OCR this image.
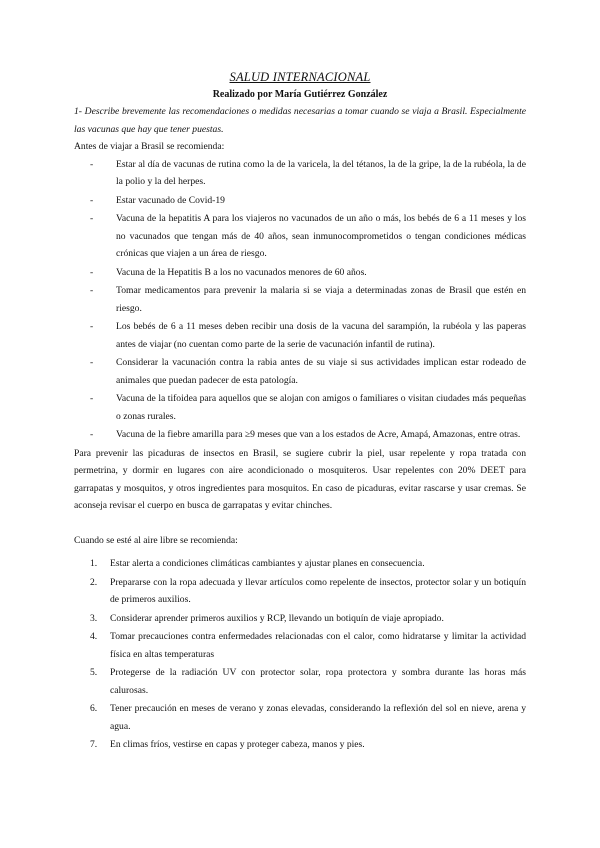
SALUD INTERNACIONAL

Realizado por María Gutiérrez González

1- Describe brevemente las recomendaciones o medidas necesarias a tomar cuando se viaja a Brasil. Especialmente las vacunas que hay que tener puestas.

Antes de viajar a Brasil se recomienda:

- Estar al día de vacunas de rutina como la de la varicela, la del tétanos, la de la gripe, la de la rubéola, la de la polio y la del herpes.
- Estar vacunado de Covid-19
- Vacuna de la hepatitis A para los viajeros no vacunados de un año o más, los bebés de 6 a 11 meses y los no vacunados que tengan más de 40 años, sean inmunocomprometidos o tengan condiciones médicas crónicas que viajen a un área de riesgo.
- Vacuna de la Hepatitis B a los no vacunados menores de 60 años.
- Tomar medicamentos para prevenir la malaria si se viaja a determinadas zonas de Brasil que estén en riesgo.
- Los bebés de 6 a 11 meses deben recibir una dosis de la vacuna del sarampión, la rubéola y las paperas antes de viajar (no cuentan como parte de la serie de vacunación infantil de rutina).
- Considerar la vacunación contra la rabia antes de su viaje si sus actividades implican estar rodeado de animales que puedan padecer de esta patología.
- Vacuna de la tifoidea para aquellos que se alojan con amigos o familiares o visitan ciudades más pequeñas o zonas rurales.
- Vacuna de la fiebre amarilla para ≥9 meses que van a los estados de Acre, Amapá, Amazonas, entre otras.

Para prevenir las picaduras de insectos en Brasil, se sugiere cubrir la piel, usar repelente y ropa tratada con permetrina, y dormir en lugares con aire acondicionado o mosquiteros. Usar repelentes con 20% DEET para garrapatas y mosquitos, y otros ingredientes para mosquitos. En caso de picaduras, evitar rascarse y usar cremas. Se aconseja revisar el cuerpo en busca de garrapatas y evitar chinches.

Cuando se esté al aire libre se recomienda:

1. Estar alerta a condiciones climáticas cambiantes y ajustar planes en consecuencia.
2. Prepararse con la ropa adecuada y llevar artículos como repelente de insectos, protector solar y un botiquín de primeros auxilios.
3. Considerar aprender primeros auxilios y RCP, llevando un botiquín de viaje apropiado.
4. Tomar precauciones contra enfermedades relacionadas con el calor, como hidratarse y limitar la actividad física en altas temperaturas
5. Protegerse de la radiación UV con protector solar, ropa protectora y sombra durante las horas más calurosas.
6. Tener precaución en meses de verano y zonas elevadas, considerando la reflexión del sol en nieve, arena y agua.
7. En climas fríos, vestirse en capas y proteger cabeza, manos y pies.
